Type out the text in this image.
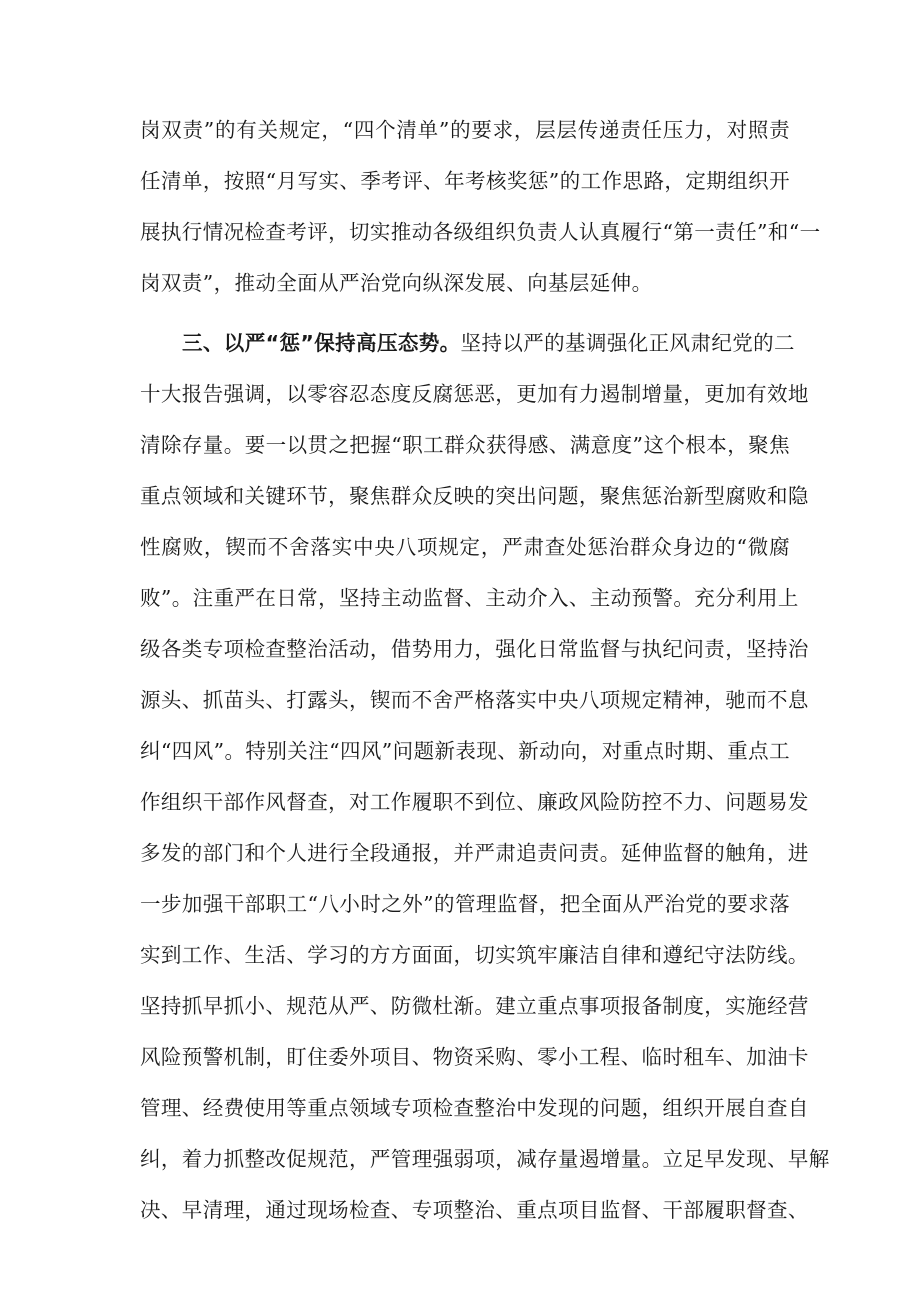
岗双责”的有关规定，“四个清单”的要求，层层传递责任压力，对照责
任清单，按照“月写实、季考评、年考核奖惩”的工作思路，定期组织开
展执行情况检查考评，切实推动各级组织负责人认真履行“第一责任”和“一
岗双责”，推动全面从严治党向纵深发展、向基层延伸。
三、以严“惩”保持高压态势。坚持以严的基调强化正风肃纪党的二
十大报告强调，以零容忍态度反腐惩恶，更加有力遏制增量，更加有效地
清除存量。要一以贯之把握“职工群众获得感、满意度”这个根本，聚焦
重点领域和关键环节，聚焦群众反映的突出问题，聚焦惩治新型腐败和隐
性腐败，锲而不舍落实中央八项规定，严肃查处惩治群众身边的“微腐
败”。注重严在日常，坚持主动监督、主动介入、主动预警。充分利用上
级各类专项检查整治活动，借势用力，强化日常监督与执纪问责，坚持治
源头、抓苗头、打露头，锲而不舍严格落实中央八项规定精神，驰而不息
纠“四风”。特别关注“四风”问题新表现、新动向，对重点时期、重点工
作组织干部作风督查，对工作履职不到位、廉政风险防控不力、问题易发
多发的部门和个人进行全段通报，并严肃追责问责。延伸监督的触角，进
一步加强干部职工“八小时之外”的管理监督，把全面从严治党的要求落
实到工作、生活、学习的方方面面，切实筑牢廉洁自律和遵纪守法防线。
坚持抓早抓小、规范从严、防微杜渐。建立重点事项报备制度，实施经营
风险预警机制，盯住委外项目、物资采购、零小工程、临时租车、加油卡
管理、经费使用等重点领域专项检查整治中发现的问题，组织开展自查自
纠，着力抓整改促规范，严管理强弱项，减存量遏增量。立足早发现、早解
决、早清理，通过现场检查、专项整治、重点项目监督、干部履职督查、
